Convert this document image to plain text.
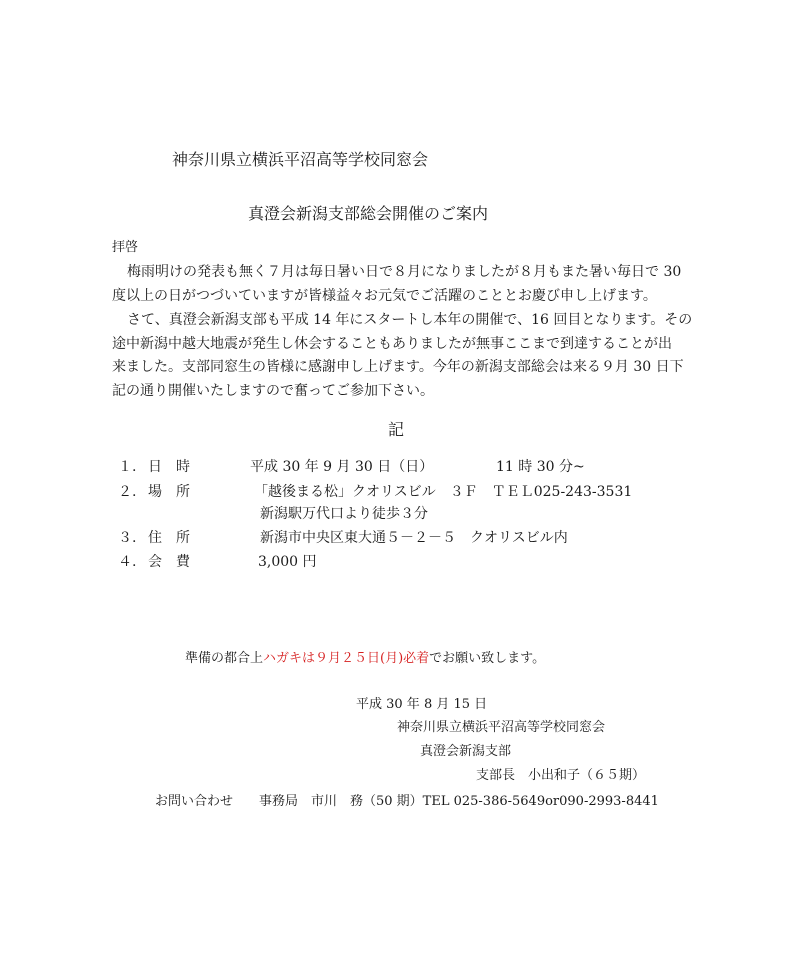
神奈川県立横浜平沼高等学校同窓会
真澄会新潟支部総会開催のご案内
拝啓
梅雨明けの発表も無く７月は毎日暑い日で８月になりましたが８月もまた暑い毎日で 30
度以上の日がつづいていますが皆様益々お元気でご活躍のこととお慶び申し上げます。
さて、真澄会新潟支部も平成 14 年にスタートし本年の開催で、16 回目となります。その
途中新潟中越大地震が発生し休会することもありましたが無事ここまで到達することが出
来ました。支部同窓生の皆様に感謝申し上げます。今年の新潟支部総会は来る９月 30 日下
記の通り開催いたしますので奮ってご参加下さい。
記
１. 日　時	平成 30 年 9 月 30 日（日）	11 時 30 分~
２. 場　所	「越後まる松」クオリスビル　３Ｆ　ＴＥＬ025-243-3531
新潟駅万代口より徒歩３分
３. 住　所	新潟市中央区東大通５－２－５　クオリスビル内
４. 会　費	3,000 円
準備の都合上ハガキは９月２５日(月)必着でお願い致します。
平成 30 年 8 月 15 日
神奈川県立横浜平沼高等学校同窓会
真澄会新潟支部
支部長　小出和子（６５期）
お問い合わせ　　事務局　市川　務（50 期）TEL 025-386-5649or090-2993-8441
